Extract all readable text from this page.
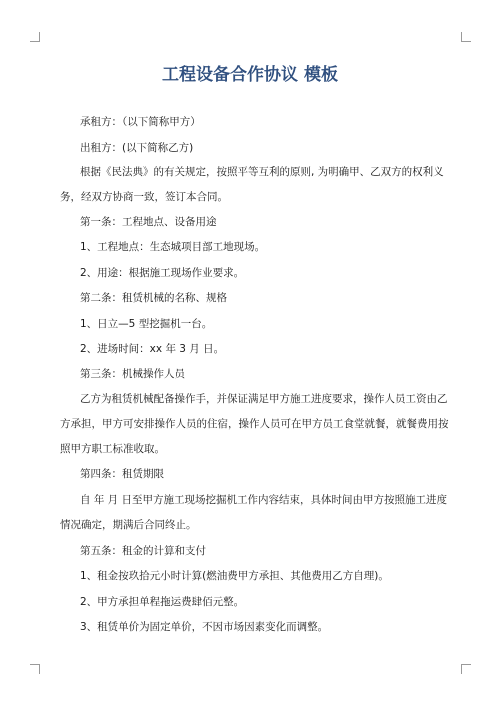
工程设备合作协议 模板
承租方：（以下简称甲方）
出租方：(以下简称乙方)
根据《民法典》的有关规定，按照平等互利的原则, 为明确甲、乙双方的权利义
务，经双方协商一致，签订本合同。
第一条：工程地点、设备用途
1、工程地点：生态城项目部工地现场。
2、用途：根据施工现场作业要求。
第二条：租赁机械的名称、规格
1、日立—5 型挖掘机一台。
2、进场时间：xx 年 3 月 日。
第三条：机械操作人员
乙方为租赁机械配备操作手，并保证满足甲方施工进度要求，操作人员工资由乙
方承担，甲方可安排操作人员的住宿，操作人员可在甲方员工食堂就餐，就餐费用按
照甲方职工标准收取。
第四条：租赁期限
自 年 月 日至甲方施工现场挖掘机工作内容结束，具体时间由甲方按照施工进度
情况确定，期满后合同终止。
第五条：租金的计算和支付
1、租金按玖拾元小时计算(燃油费甲方承担、其他费用乙方自理)。
2、甲方承担单程拖运费肆佰元整。
3、租赁单价为固定单价，不因市场因素变化而调整。
